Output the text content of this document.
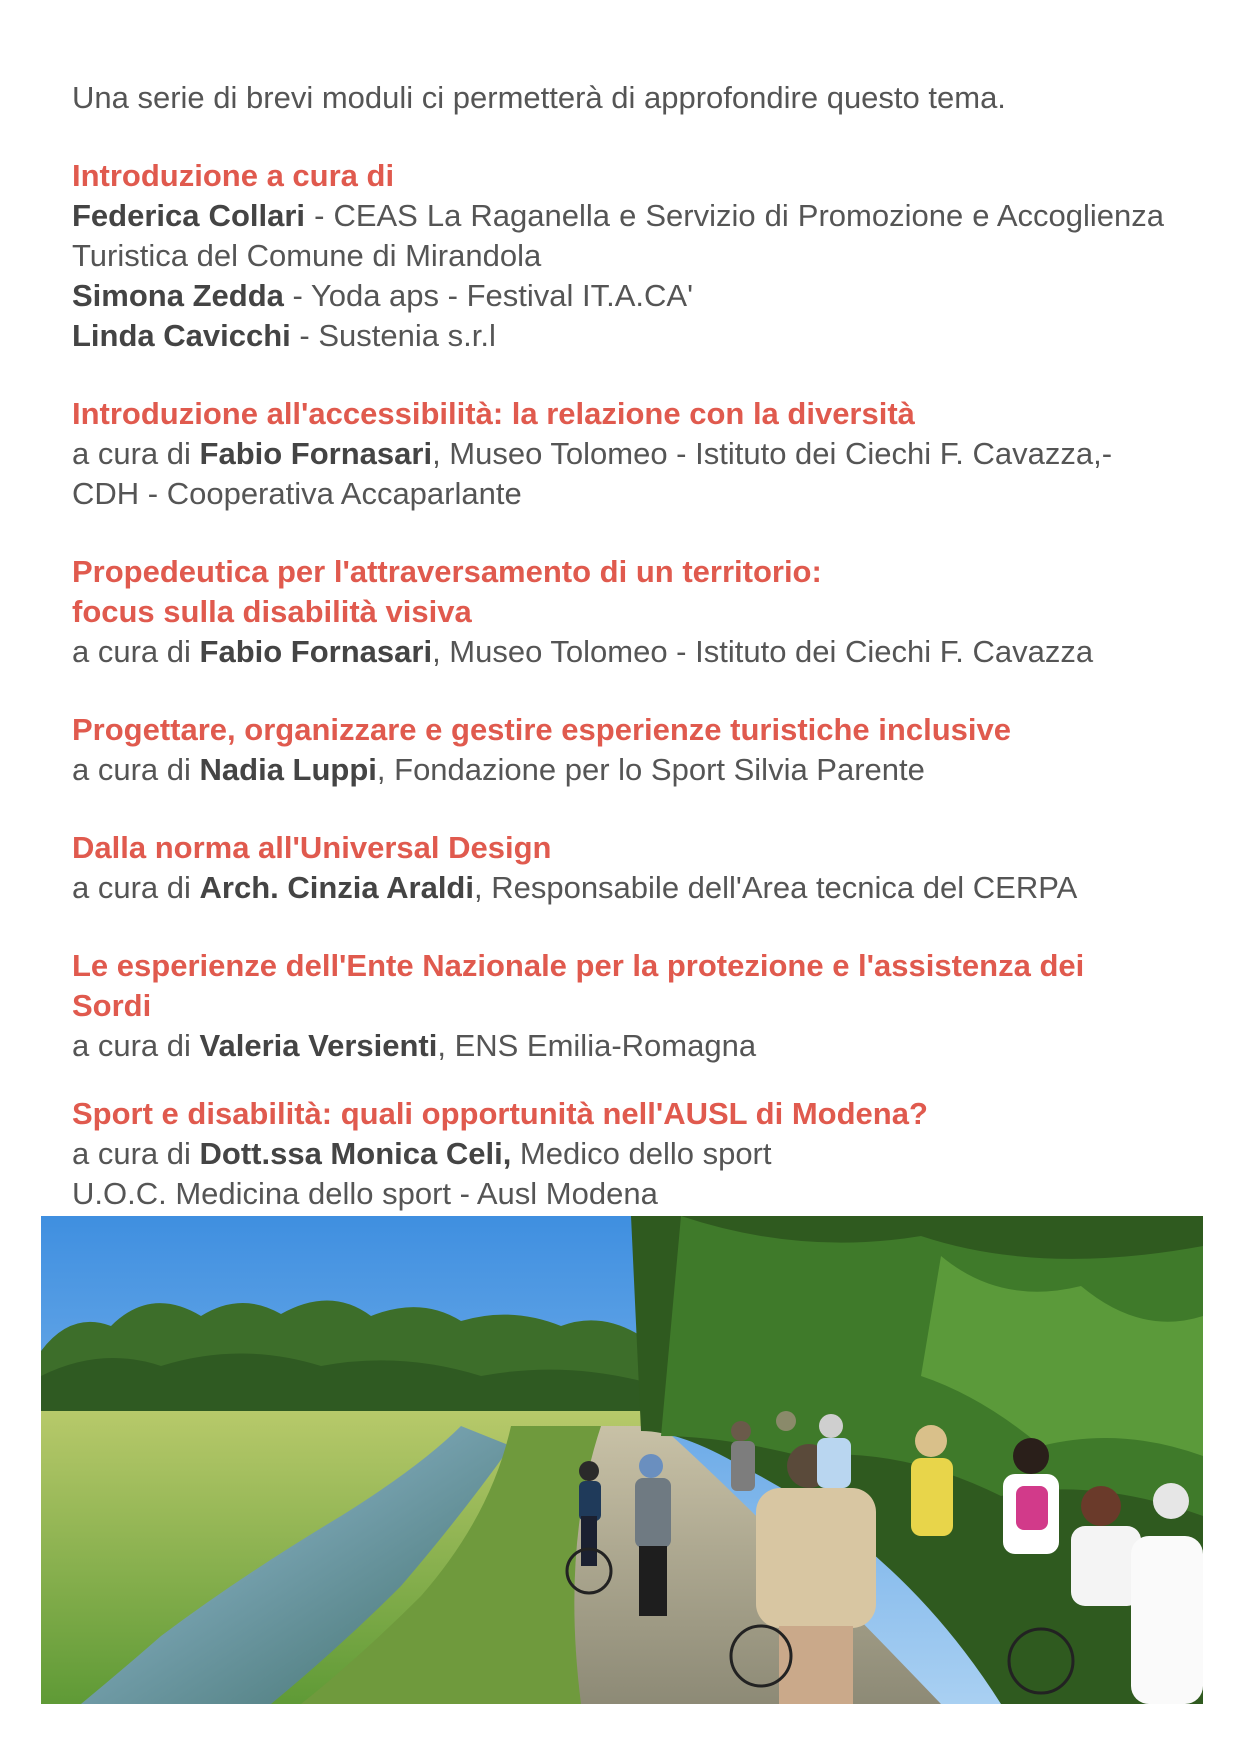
Una serie di brevi moduli ci permetterà di approfondire questo tema.

Introduzione a cura di
Federica Collari - CEAS La Raganella e Servizio di Promozione e Accoglienza Turistica del Comune di Mirandola
Simona Zedda - Yoda aps - Festival IT.A.CA'
Linda Cavicchi - Sustenia s.r.l
Introduzione all'accessibilità: la relazione con la diversità
a cura di Fabio Fornasari, Museo Tolomeo - Istituto dei Ciechi F. Cavazza,- CDH - Cooperativa Accaparlante
Propedeutica per l'attraversamento di un territorio:
focus sulla disabilità visiva
a cura di Fabio Fornasari, Museo Tolomeo - Istituto dei Ciechi F. Cavazza
Progettare, organizzare e gestire esperienze turistiche inclusive
a cura di Nadia Luppi, Fondazione per lo Sport Silvia Parente
Dalla norma all'Universal Design
a cura di Arch. Cinzia Araldi, Responsabile dell'Area tecnica del CERPA
Le esperienze dell'Ente Nazionale per la protezione e l'assistenza dei Sordi
a cura di Valeria Versienti, ENS Emilia-Romagna
Sport e disabilità: quali opportunità nell'AUSL di Modena?
a cura di Dott.ssa Monica Celi, Medico dello sport
U.O.C. Medicina dello sport - Ausl Modena
